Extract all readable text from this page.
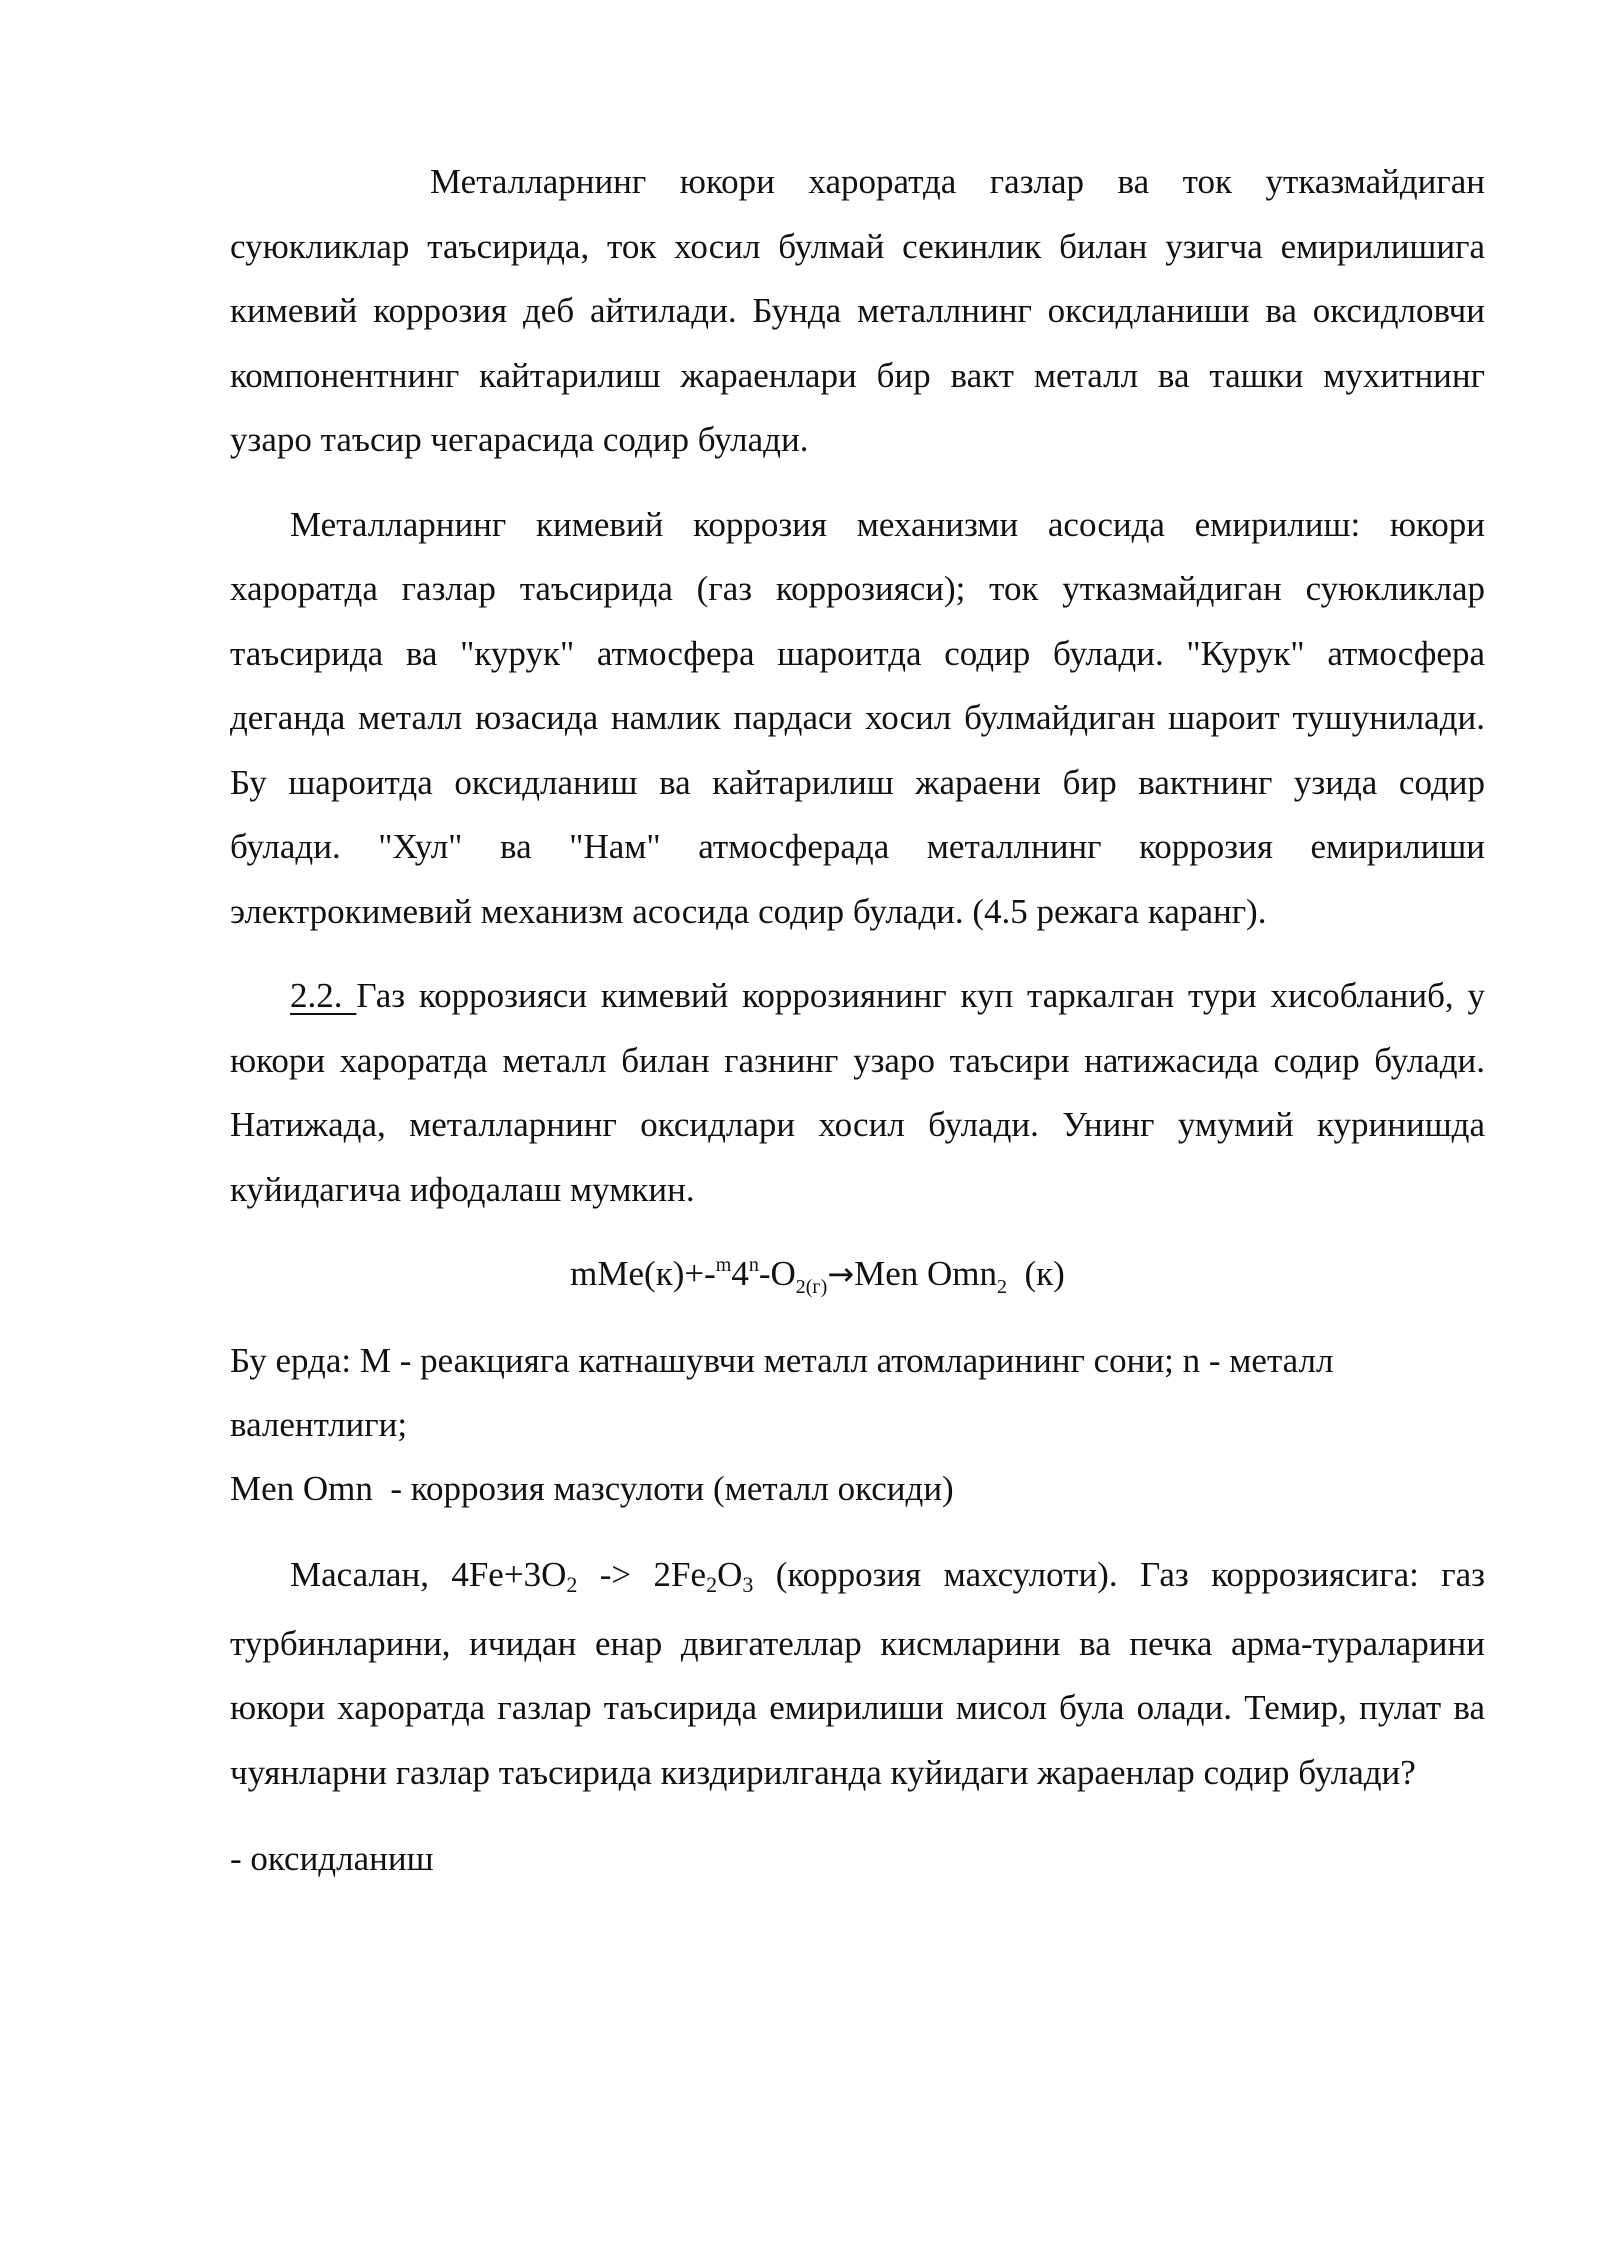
Металларнинг юкори хароратда газлар ва ток утказмайдиган суюкликлар таъсирида, ток хосил булмай секинлик билан узигча емирилишига кимевий коррозия деб айтилади. Бунда металлнинг оксидланиши ва оксидловчи компонентнинг кайтарилиш жараенлари бир вакт металл ва ташки мухитнинг узаро таъсир чегарасида содир булади.

Металларнинг кимевий коррозия механизми асосида емирилиш: юкори хароратда газлар таъсирида (газ коррозияси); ток утказмайдиган суюкликлар таъсирида ва "курук" атмосфера шароитда содир булади. "Курук" атмосфера деганда металл юзасида намлик пардаси хосил булмайдиган шароит тушунилади. Бу шароитда оксидланиш ва кайтарилиш жараени бир вактнинг узида содир булади. "Хул" ва "Нам" атмосферада металлнинг коррозия емирилиши электрокимевий механизм асосида содир булади. (4.5 режага каранг).

2.2. Газ коррозияси кимевий коррозиянинг куп таркалган тури хисобланиб, у юкори хароратда металл билан газнинг узаро таъсири натижасида содир булади. Натижада, металларнинг оксидлари хосил булади. Унинг умумий куринишда куйидагича ифодалаш мумкин.

$mMe(к)+-^m4^n-O_{2(г)}\to Men$ Omn$_2$  (к)

Бу ерда: М - реакцияга катнашувчи металл атомларининг сони; n - металл валентлиги;

Men Omn  - коррозия мазсулоти (металл оксиди)

Масалан, 4Fe+3O2 -> 2Fe2O3 (коррозия махсулоти). Газ коррозиясига: газ турбинларини, ичидан енар двигателлар кисмларини ва печка арма-тураларини юкори хароратда газлар таъсирида емирилиши мисол була олади. Темир, пулат ва чуянларни газлар таъсирида киздирилганда куйидаги жараенлар содир булади?

- оксидланиш
